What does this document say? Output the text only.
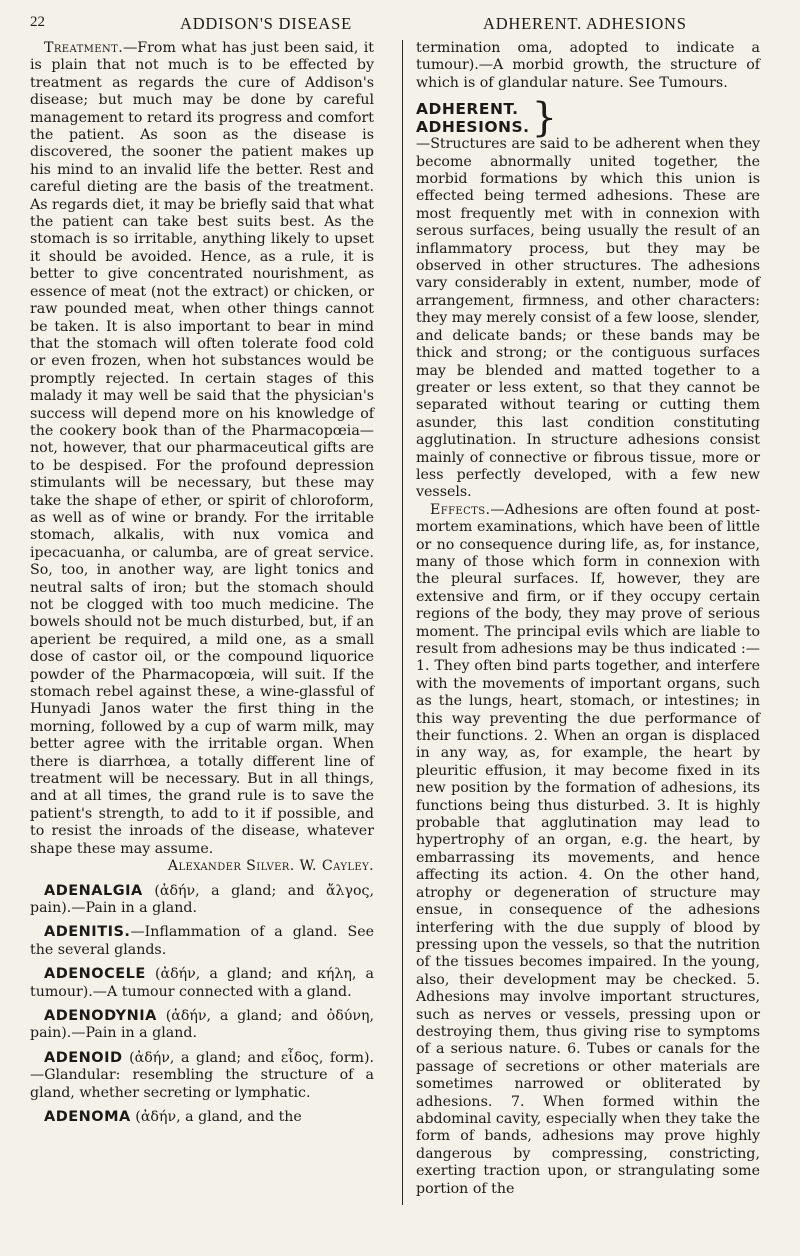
22	ADDISON'S DISEASE	ADHERENT. ADHESIONS

Treatment.—From what has just been said, it is plain that not much is to be effected by treatment as regards the cure of Addison's disease; but much may be done by careful management to retard its progress and comfort the patient. As soon as the disease is discovered, the sooner the patient makes up his mind to an invalid life the better. Rest and careful dieting are the basis of the treatment. As regards diet, it may be briefly said that what the patient can take best suits best. As the stomach is so irritable, anything likely to upset it should be avoided. Hence, as a rule, it is better to give concentrated nourishment, as essence of meat (not the extract) or chicken, or raw pounded meat, when other things cannot be taken. It is also important to bear in mind that the stomach will often tolerate food cold or even frozen, when hot substances would be promptly rejected. In certain stages of this malady it may well be said that the physician's success will depend more on his knowledge of the cookery book than of the Pharmacopœia—not, however, that our pharmaceutical gifts are to be despised. For the profound depression stimulants will be necessary, but these may take the shape of ether, or spirit of chloroform, as well as of wine or brandy. For the irritable stomach, alkalis, with nux vomica and ipecacuanha, or calumba, are of great service. So, too, in another way, are light tonics and neutral salts of iron; but the stomach should not be clogged with too much medicine. The bowels should not be much disturbed, but, if an aperient be required, a mild one, as a small dose of castor oil, or the compound liquorice powder of the Pharmacopœia, will suit. If the stomach rebel against these, a wine-glassful of Hunyadi Janos water the first thing in the morning, followed by a cup of warm milk, may better agree with the irritable organ. When there is diarrhœa, a totally different line of treatment will be necessary. But in all things, and at all times, the grand rule is to save the patient's strength, to add to it if possible, and to resist the inroads of the disease, whatever shape these may assume.

Alexander Silver. W. Cayley.

ADENALGIA (ἀδήν, a gland; and ἄλγος, pain).—Pain in a gland.

ADENITIS.—Inflammation of a gland. See the several glands.

ADENOCELE (ἀδήν, a gland; and κήλη, a tumour).—A tumour connected with a gland.

ADENODYNIA (ἀδήν, a gland; and ὀδύνη, pain).—Pain in a gland.

ADENOID (ἀδήν, a gland; and εἶδος, form).—Glandular: resembling the structure of a gland, whether secreting or lymphatic.

ADENOMA (ἀδήν, a gland, and the

termination oma, adopted to indicate a tumour).—A morbid growth, the structure of which is of glandular nature. See Tumours.

ADHERENT.
ADHESIONS. }

—Structures are said to be adherent when they become abnormally united together, the morbid formations by which this union is effected being termed adhesions. These are most frequently met with in connexion with serous surfaces, being usually the result of an inflammatory process, but they may be observed in other structures. The adhesions vary considerably in extent, number, mode of arrangement, firmness, and other characters: they may merely consist of a few loose, slender, and delicate bands; or these bands may be thick and strong; or the contiguous surfaces may be blended and matted together to a greater or less extent, so that they cannot be separated without tearing or cutting them asunder, this last condition constituting agglutination. In structure adhesions consist mainly of connective or fibrous tissue, more or less perfectly developed, with a few new vessels.

Effects.—Adhesions are often found at post-mortem examinations, which have been of little or no consequence during life, as, for instance, many of those which form in connexion with the pleural surfaces. If, however, they are extensive and firm, or if they occupy certain regions of the body, they may prove of serious moment. The principal evils which are liable to result from adhesions may be thus indicated :—1. They often bind parts together, and interfere with the movements of important organs, such as the lungs, heart, stomach, or intestines; in this way preventing the due performance of their functions. 2. When an organ is displaced in any way, as, for example, the heart by pleuritic effusion, it may become fixed in its new position by the formation of adhesions, its functions being thus disturbed. 3. It is highly probable that agglutination may lead to hypertrophy of an organ, e.g. the heart, by embarrassing its movements, and hence affecting its action. 4. On the other hand, atrophy or degeneration of structure may ensue, in consequence of the adhesions interfering with the due supply of blood by pressing upon the vessels, so that the nutrition of the tissues becomes impaired. In the young, also, their development may be checked. 5. Adhesions may involve important structures, such as nerves or vessels, pressing upon or destroying them, thus giving rise to symptoms of a serious nature. 6. Tubes or canals for the passage of secretions or other materials are sometimes narrowed or obliterated by adhesions. 7. When formed within the abdominal cavity, especially when they take the form of bands, adhesions may prove highly dangerous by compressing, constricting, exerting traction upon, or strangulating some portion of the
